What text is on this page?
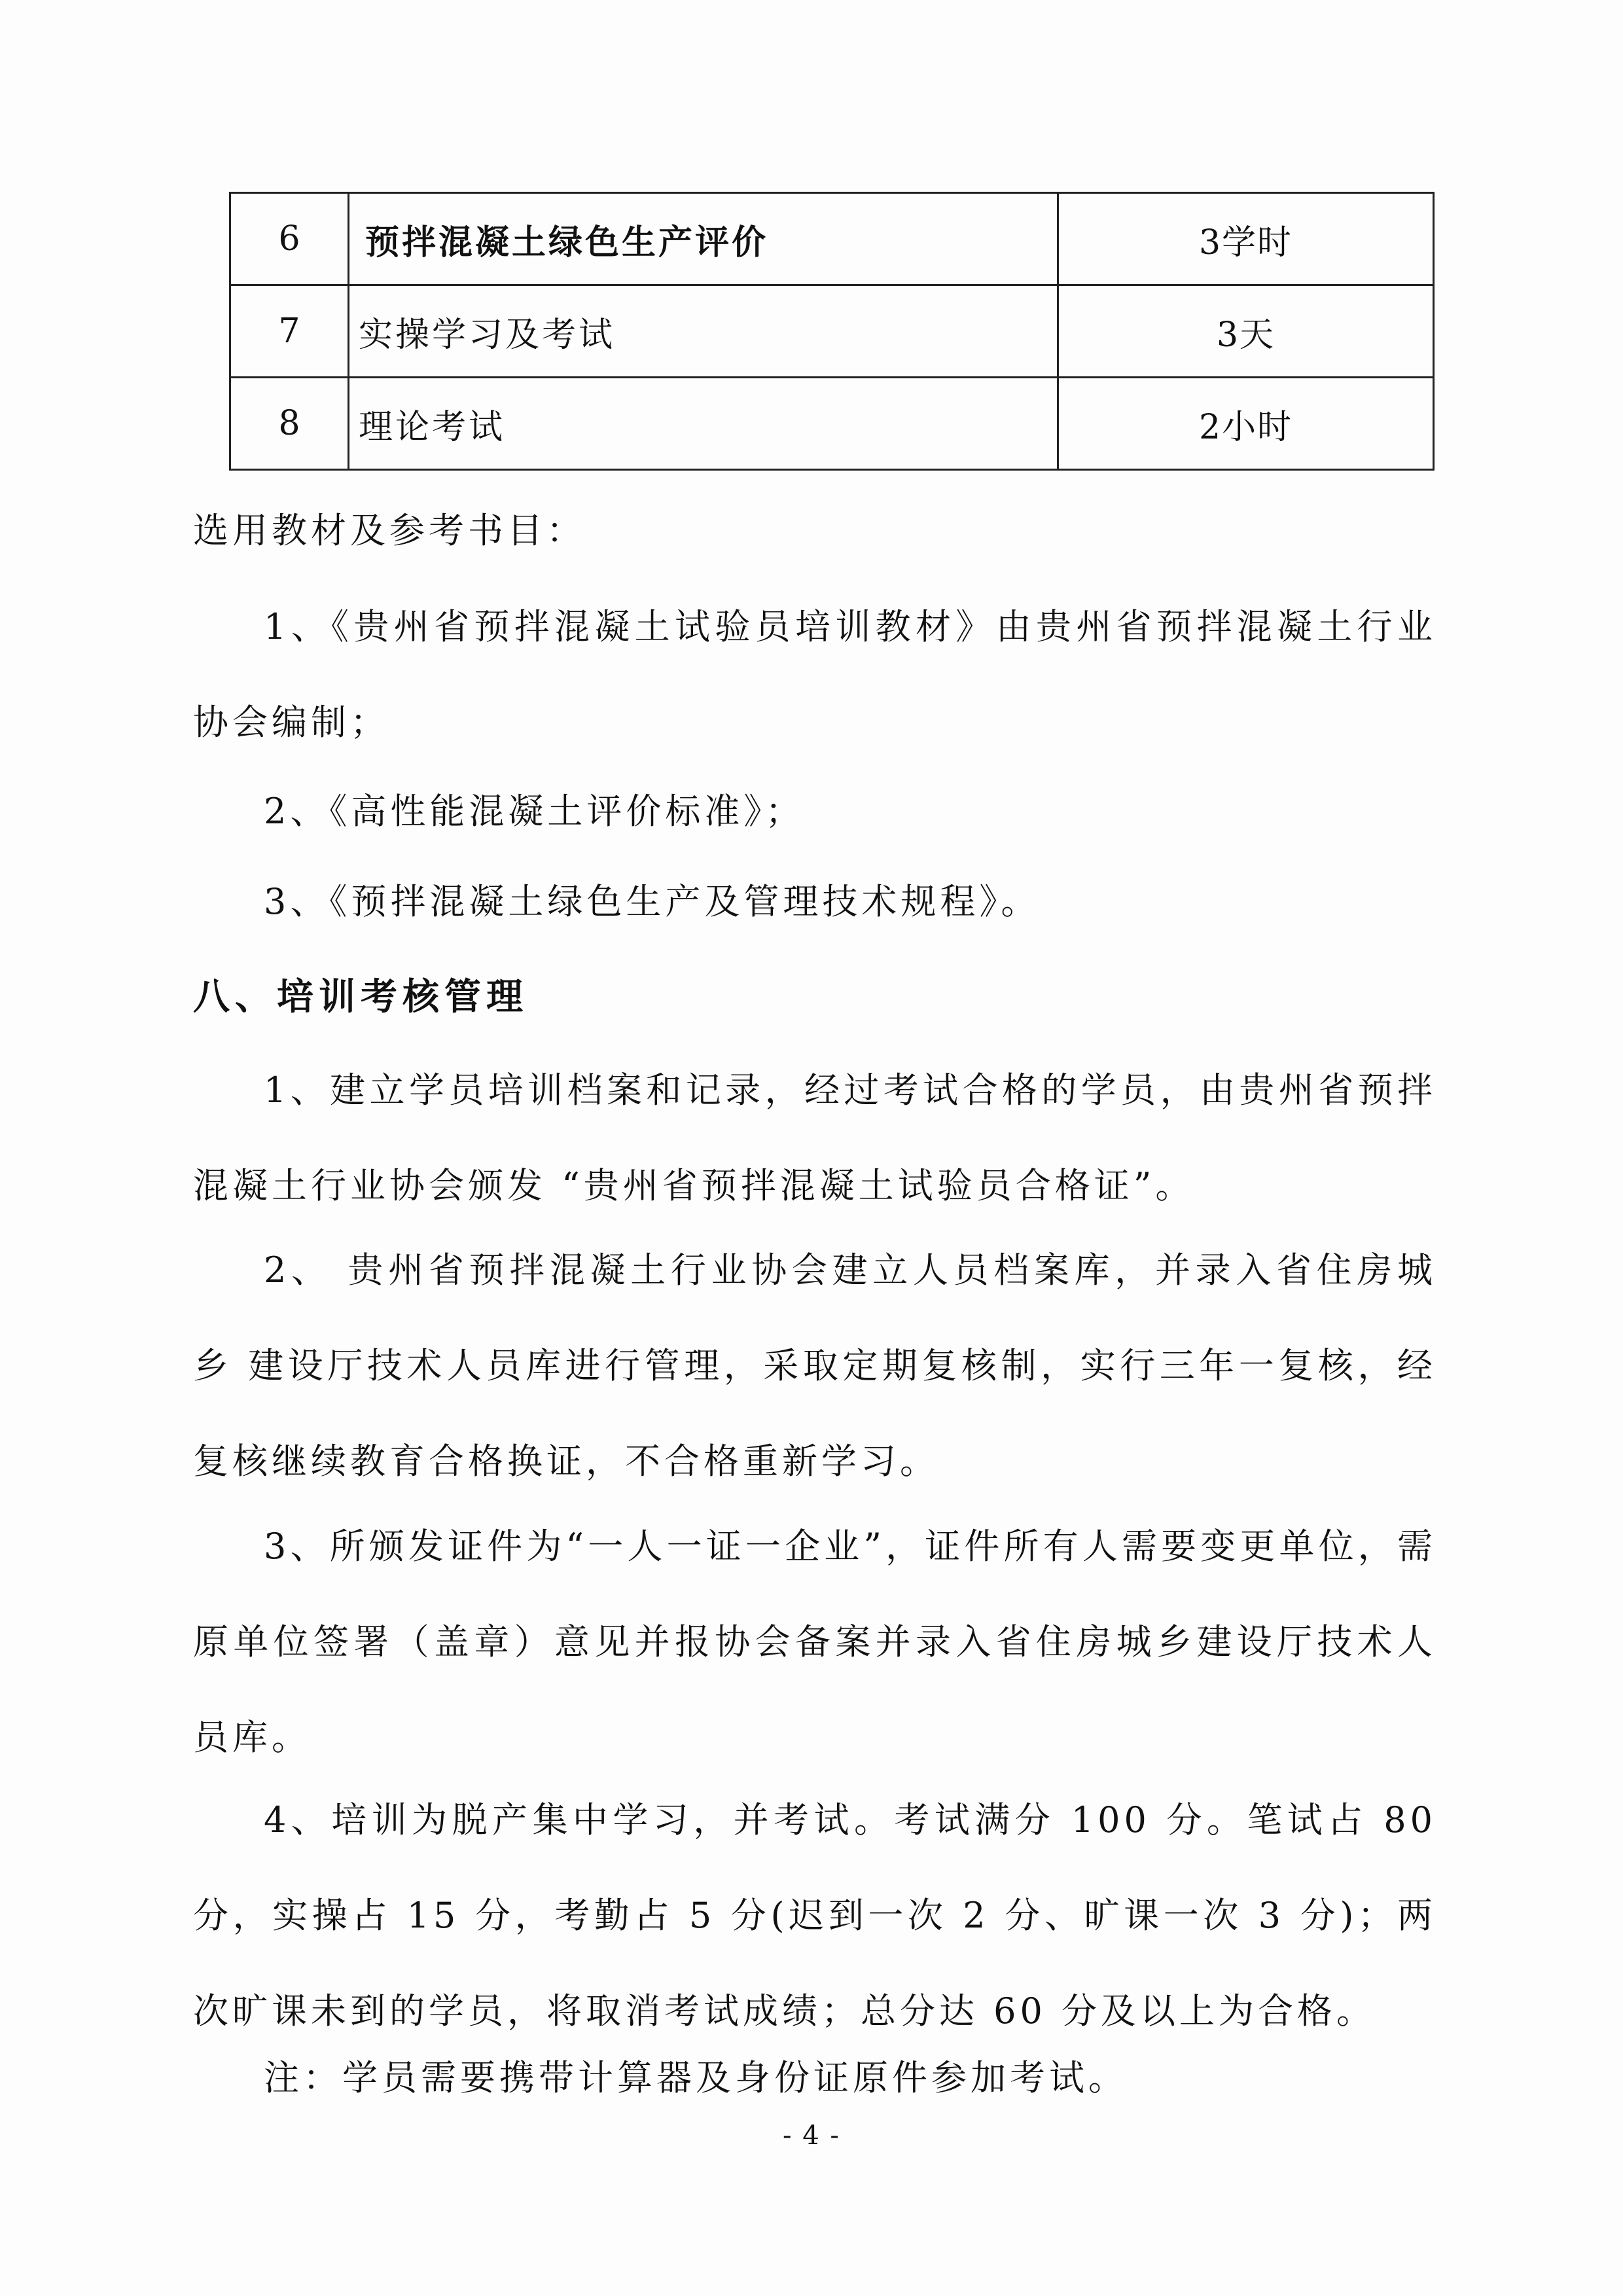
6	预拌混凝土绿色生产评价	3学时
7	实操学习及考试	3天
8	理论考试	2小时

选用教材及参考书目：

1、《贵州省预拌混凝土试验员培训教材》由贵州省预拌混凝土行业协会编制；

2、《高性能混凝土评价标准》；

3、《预拌混凝土绿色生产及管理技术规程》。

八、培训考核管理

1、建立学员培训档案和记录，经过考试合格的学员，由贵州省预拌混凝土行业协会颁发 “贵州省预拌混凝土试验员合格证”。

2、 贵州省预拌混凝土行业协会建立人员档案库，并录入省住房城乡 建设厅技术人员库进行管理，采取定期复核制，实行三年一复核，经复核继续教育合格换证，不合格重新学习。

3、所颁发证件为“一人一证一企业”，证件所有人需要变更单位，需原单位签署（盖章）意见并报协会备案并录入省住房城乡建设厅技术人员库。

4、培训为脱产集中学习，并考试。考试满分 100 分。笔试占 80 分，实操占 15 分，考勤占 5 分(迟到一次 2 分、旷课一次 3 分)；两次旷课未到的学员，将取消考试成绩；总分达 60 分及以上为合格。

注：学员需要携带计算器及身份证原件参加考试。

- 4 -
